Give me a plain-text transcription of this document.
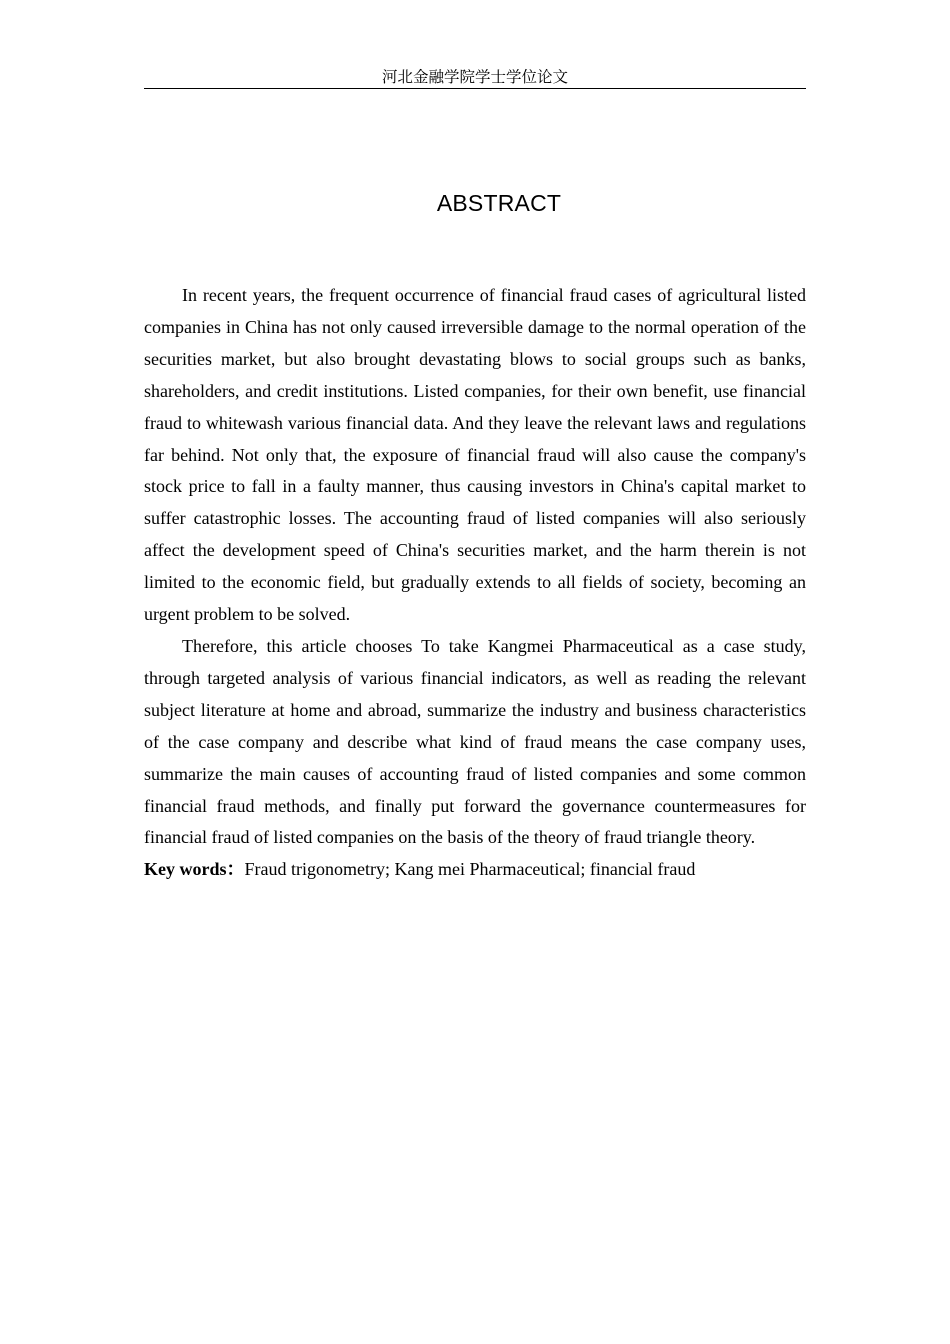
河北金融学院学士学位论文
ABSTRACT

In recent years, the frequent occurrence of financial fraud cases of agricultural listed companies in China has not only caused irreversible damage to the normal operation of the securities market, but also brought devastating blows to social groups such as banks, shareholders, and credit institutions. Listed companies, for their own benefit, use financial fraud to whitewash various financial data. And they leave the relevant laws and regulations far behind. Not only that, the exposure of financial fraud will also cause the company's stock price to fall in a faulty manner, thus causing investors in China's capital market to suffer catastrophic losses. The accounting fraud of listed companies will also seriously affect the development speed of China's securities market, and the harm therein is not limited to the economic field, but gradually extends to all fields of society, becoming an urgent problem to be solved.

Therefore, this article chooses To take Kangmei Pharmaceutical as a case study, through targeted analysis of various financial indicators, as well as reading the relevant subject literature at home and abroad, summarize the industry and business characteristics of the case company and describe what kind of fraud means the case company uses, summarize the main causes of accounting fraud of listed companies and some common financial fraud methods, and finally put forward the governance countermeasures for financial fraud of listed companies on the basis of the theory of fraud triangle theory.

Key words：Fraud trigonometry; Kang mei Pharmaceutical; financial fraud
